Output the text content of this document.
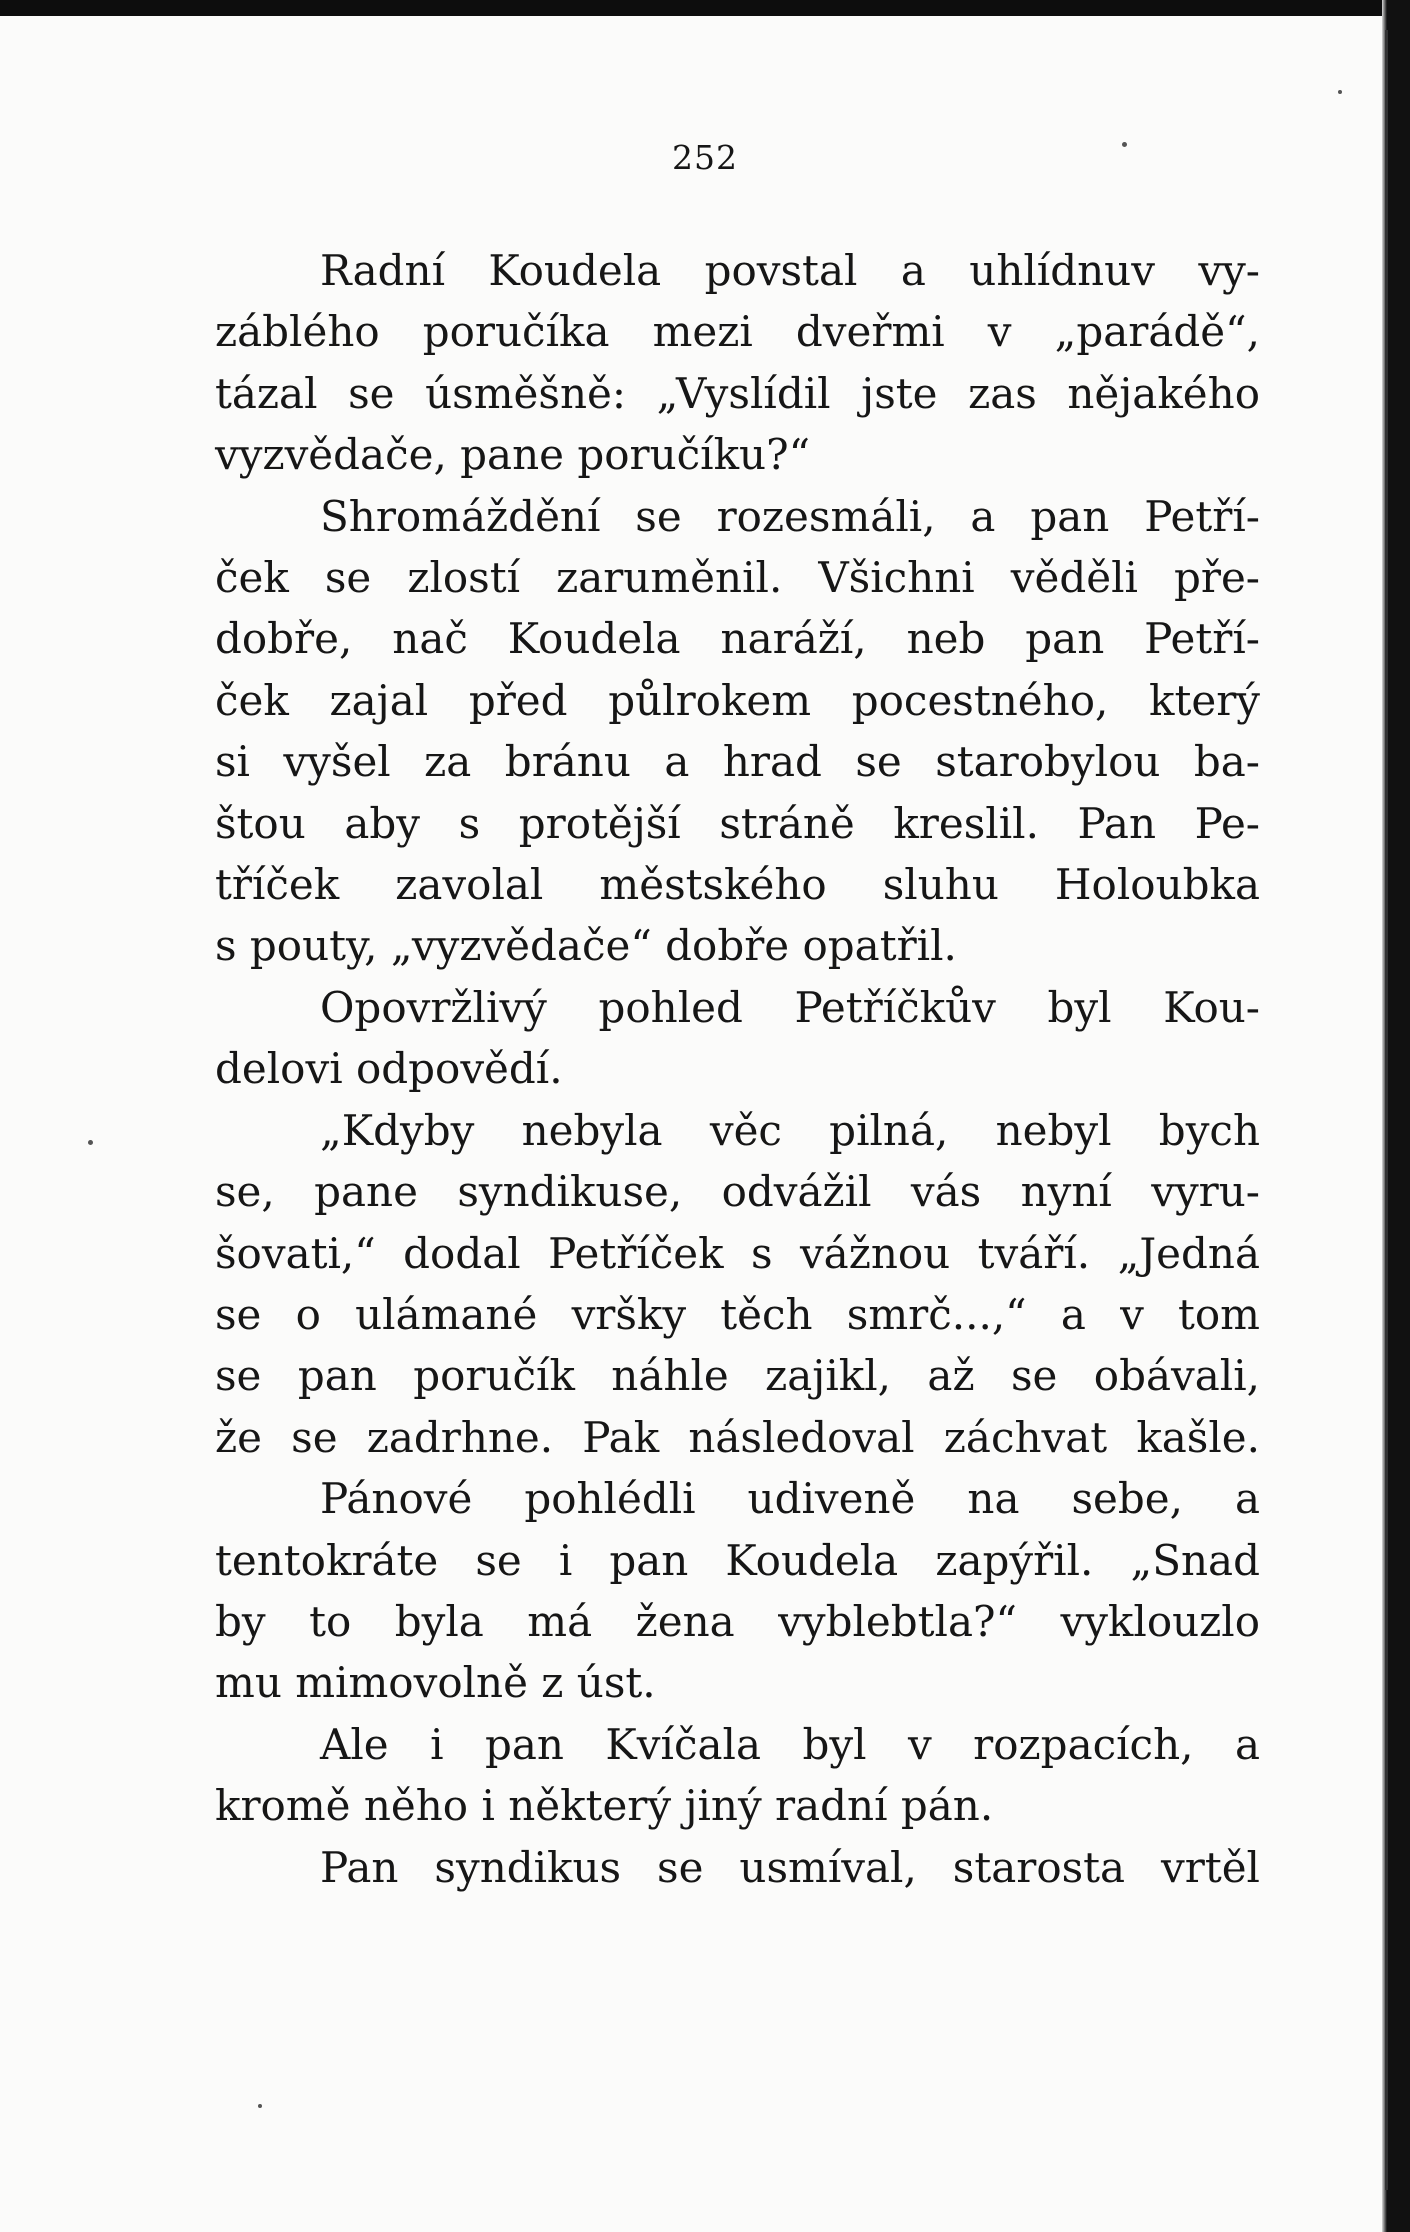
252
Radní Koudela povstal a uhlídnuv vy-
záblého poručíka mezi dveřmi v „parádě“,
tázal se úsměšně: „Vyslídil jste zas nějakého
vyzvědače, pane poručíku?“
Shromáždění se rozesmáli, a pan Petří-
ček se zlostí zaruměnil. Všichni věděli pře-
dobře, nač Koudela naráží, neb pan Petří-
ček zajal před půlrokem pocestného, který
si vyšel za bránu a hrad se starobylou ba-
štou aby s protější stráně kreslil. Pan Pe-
tříček zavolal městského sluhu Holoubka
s pouty, „vyzvědače“ dobře opatřil.
Opovržlivý pohled Petříčkův byl Kou-
delovi odpovědí.
„Kdyby nebyla věc pilná, nebyl bych
se, pane syndikuse, odvážil vás nyní vyru-
šovati,“ dodal Petříček s vážnou tváří. „Jedná
se o ulámané vršky těch smrč...,“ a v tom
se pan poručík náhle zajikl, až se obávali,
že se zadrhne. Pak následoval záchvat kašle.
Pánové pohlédli udiveně na sebe, a
tentokráte se i pan Koudela zapýřil. „Snad
by to byla má žena vyblebtla?“ vyklouzlo
mu mimovolně z úst.
Ale i pan Kvíčala byl v rozpacích, a
kromě něho i některý jiný radní pán.
Pan syndikus se usmíval, starosta vrtěl
